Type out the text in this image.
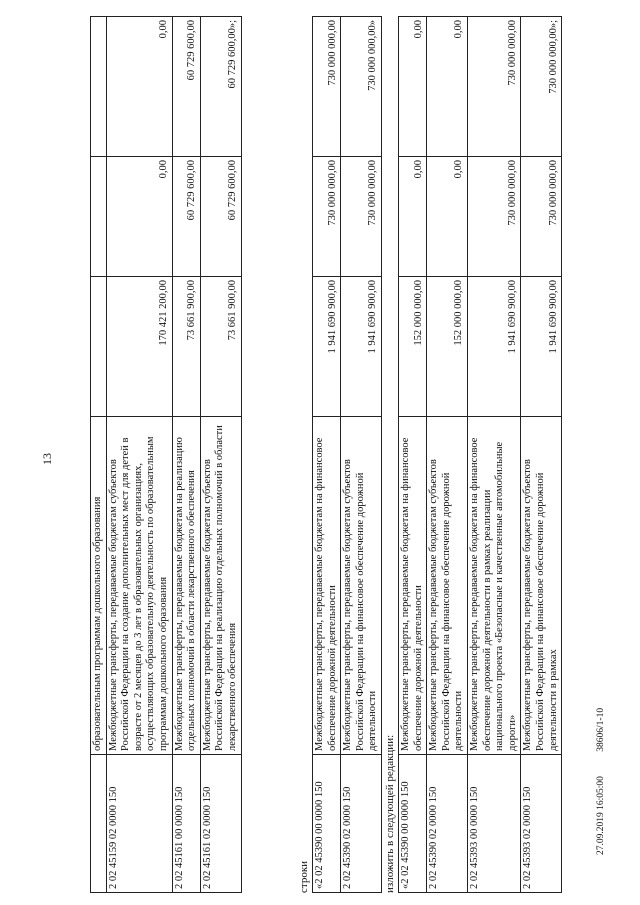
13
	образовательным программам дошкольного образования			
2 02 45159 02 0000 150	Межбюджетные трансферты, передаваемые бюджетам субъектов Российской Федерации на создание дополнительных мест для детей в возрасте от 2 месяцев до 3 лет в образовательных организациях, осуществляющих образовательную деятельность по образовательным программам дошкольного образования	170 421 200,00	0,00	0,00
2 02 45161 00 0000 150	Межбюджетные трансферты, передаваемые бюджетам на реализацию отдельных полномочий в области лекарственного обеспечения	73 661 900,00	60 729 600,00	60 729 600,00
2 02 45161 02 0000 150	Межбюджетные трансферты, передаваемые бюджетам субъектов Российской Федерации на реализацию отдельных полномочий в области лекарственного обеспечения	73 661 900,00	60 729 600,00	60 729 600,00»;
строки «2 02 45390 00 0000 150	Межбюджетные трансферты, передаваемые бюджетам на финансовое обеспечение дорожной деятельности	1 941 690 900,00	730 000 000,00	730 000 000,00
2 02 45390 02 0000 150	Межбюджетные трансферты, передаваемые бюджетам субъектов Российской Федерации на финансовое обеспечение дорожной деятельности	1 941 690 900,00	730 000 000,00	730 000 000,00»
изложить в следующей редакции: «2 02 45390 00 0000 150	Межбюджетные трансферты, передаваемые бюджетам на финансовое обеспечение дорожной деятельности	152 000 000,00	0,00	0,00
2 02 45390 02 0000 150	Межбюджетные трансферты, передаваемые бюджетам субъектов Российской Федерации на финансовое обеспечение дорожной деятельности	152 000 000,00	0,00	0,00
2 02 45393 00 0000 150	Межбюджетные трансферты, передаваемые бюджетам на финансовое обеспечение дорожной деятельности в рамках реализации национального проекта «Безопасные и качественные автомобильные дороги»	1 941 690 900,00	730 000 000,00	730 000 000,00
2 02 45393 02 0000 150	Межбюджетные трансферты, передаваемые бюджетам субъектов Российской Федерации на финансовое обеспечение дорожной деятельности в рамках	1 941 690 900,00	730 000 000,00	730 000 000,00»;
27.09.2019 16:05:00 38606/1-10
